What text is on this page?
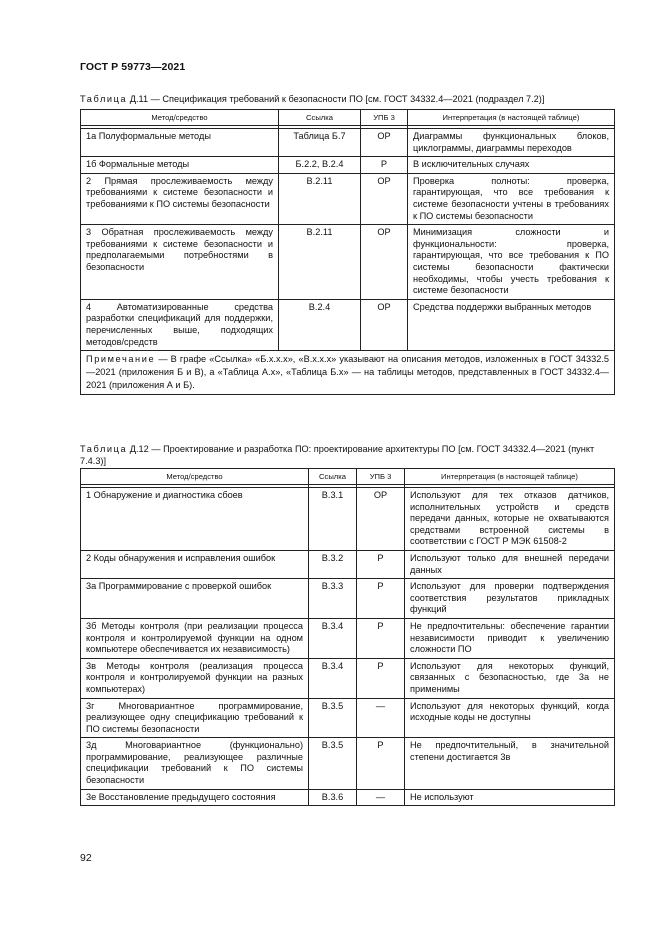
ГОСТ Р 59773—2021
Таблица Д.11 — Спецификация требований к безопасности ПО [см. ГОСТ 34332.4—2021 (подраздел 7.2)]
Метод/средство	Ссылка	УПБ 3	Интерпретация (в настоящей таблице)

1а Полуформальные методы	Таблица Б.7	OP	Диаграммы функциональных блоков, циклограммы, диаграммы переходов
1б Формальные методы	Б.2.2, В.2.4	P	В исключительных случаях
2 Прямая прослеживаемость между требованиями к системе безопасности и требованиями к ПО системы безопасности	В.2.11	OP	Проверка полноты: проверка, гарантирующая, что все требования к системе безопасности учтены в требованиях к ПО системы безопасности
3 Обратная прослеживаемость между требованиями к системе безопасности и предполагаемыми потребностями в безопасности	В.2.11	OP	Минимизация сложности и функциональности: проверка, гарантирующая, что все требования к ПО системы безопасности фактически необходимы, чтобы учесть требования к системе безопасности
4 Автоматизированные средства разработки спецификаций для поддержки, перечисленных выше, подходящих методов/средств	В.2.4	OP	Средства поддержки выбранных методов
Примечание — В графе «Ссылка» «Б.х.х.х», «В.х.х.х» указывают на описания методов, изложенных в ГОСТ 34332.5—2021 (приложения Б и В), а «Таблица А.х», «Таблица Б.х» — на таблицы методов, представленных в ГОСТ 34332.4—2021 (приложения А и Б).			
Таблица Д.12 — Проектирование и разработка ПО: проектирование архитектуры ПО [см. ГОСТ 34332.4—2021 (пункт 7.4.3)]
Метод/средство	Ссылка	УПБ 3	Интерпретация (в настоящей таблице)

1 Обнаружение и диагностика сбоев	В.3.1	OP	Используют для тех отказов датчиков, исполнительных устройств и средств передачи данных, которые не охватываются средствами встроенной системы в соответствии с ГОСТ Р МЭК 61508-2
2 Коды обнаружения и исправления ошибок	В.3.2	P	Используют только для внешней передачи данных
3а Программирование с проверкой ошибок	В.3.3	P	Используют для проверки подтверждения соответствия результатов прикладных функций
3б Методы контроля (при реализации процесса контроля и контролируемой функции на одном компьютере обеспечивается их независимость)	В.3.4	P	Не предпочтительны: обеспечение гарантии независимости приводит к увеличению сложности ПО
3в Методы контроля (реализация процесса контроля и контролируемой функции на разных компьютерах)	В.3.4	P	Используют для некоторых функций, связанных с безопасностью, где 3а не применимы
3г Многовариантное программирование, реализующее одну спецификацию требований к ПО системы безопасности	В.3.5	—	Используют для некоторых функций, когда исходные коды не доступны
3д Многовариантное (функционально) программирование, реализующее различные спецификации требований к ПО системы безопасности	В.3.5	P	Не предпочтительный, в значительной степени достигается 3в
3е Восстановление предыдущего состояния	В.3.6	—	Не используют
92
